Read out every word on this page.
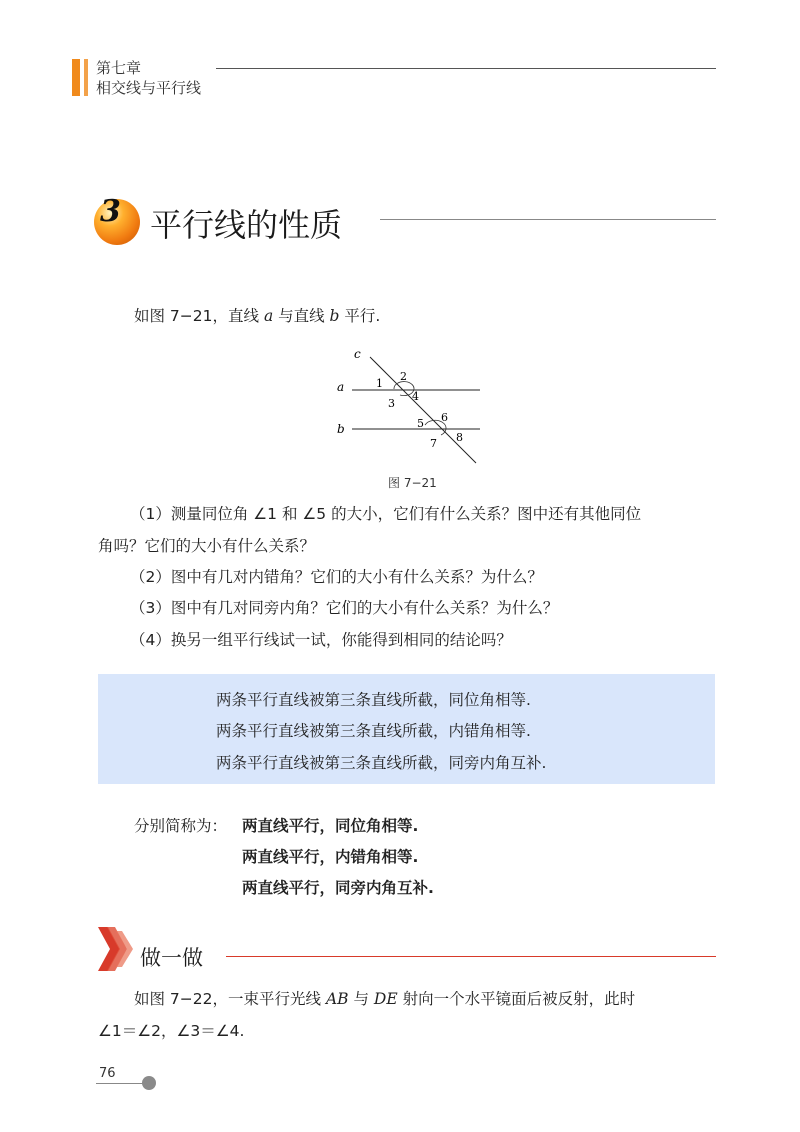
第七章
相交线与平行线
3 平行线的性质
如图 7−21，直线 a 与直线 b 平行.
c
a
b
1
2
3
4
5 6
7 8
图 7−21
（1）测量同位角 ∠1 和 ∠5 的大小，它们有什么关系？图中还有其他同位
角吗？它们的大小有什么关系？
（2）图中有几对内错角？它们的大小有什么关系？为什么？
（3）图中有几对同旁内角？它们的大小有什么关系？为什么？
（4）换另一组平行线试一试，你能得到相同的结论吗？
两条平行直线被第三条直线所截，同位角相等.
两条平行直线被第三条直线所截，内错角相等.
两条平行直线被第三条直线所截，同旁内角互补.
分别简称为： 两直线平行，同位角相等.
两直线平行，内错角相等.
两直线平行，同旁内角互补.
做一做
如图 7−22，一束平行光线 AB 与 DE 射向一个水平镜面后被反射，此时
∠1＝∠2，∠3＝∠4.
76
